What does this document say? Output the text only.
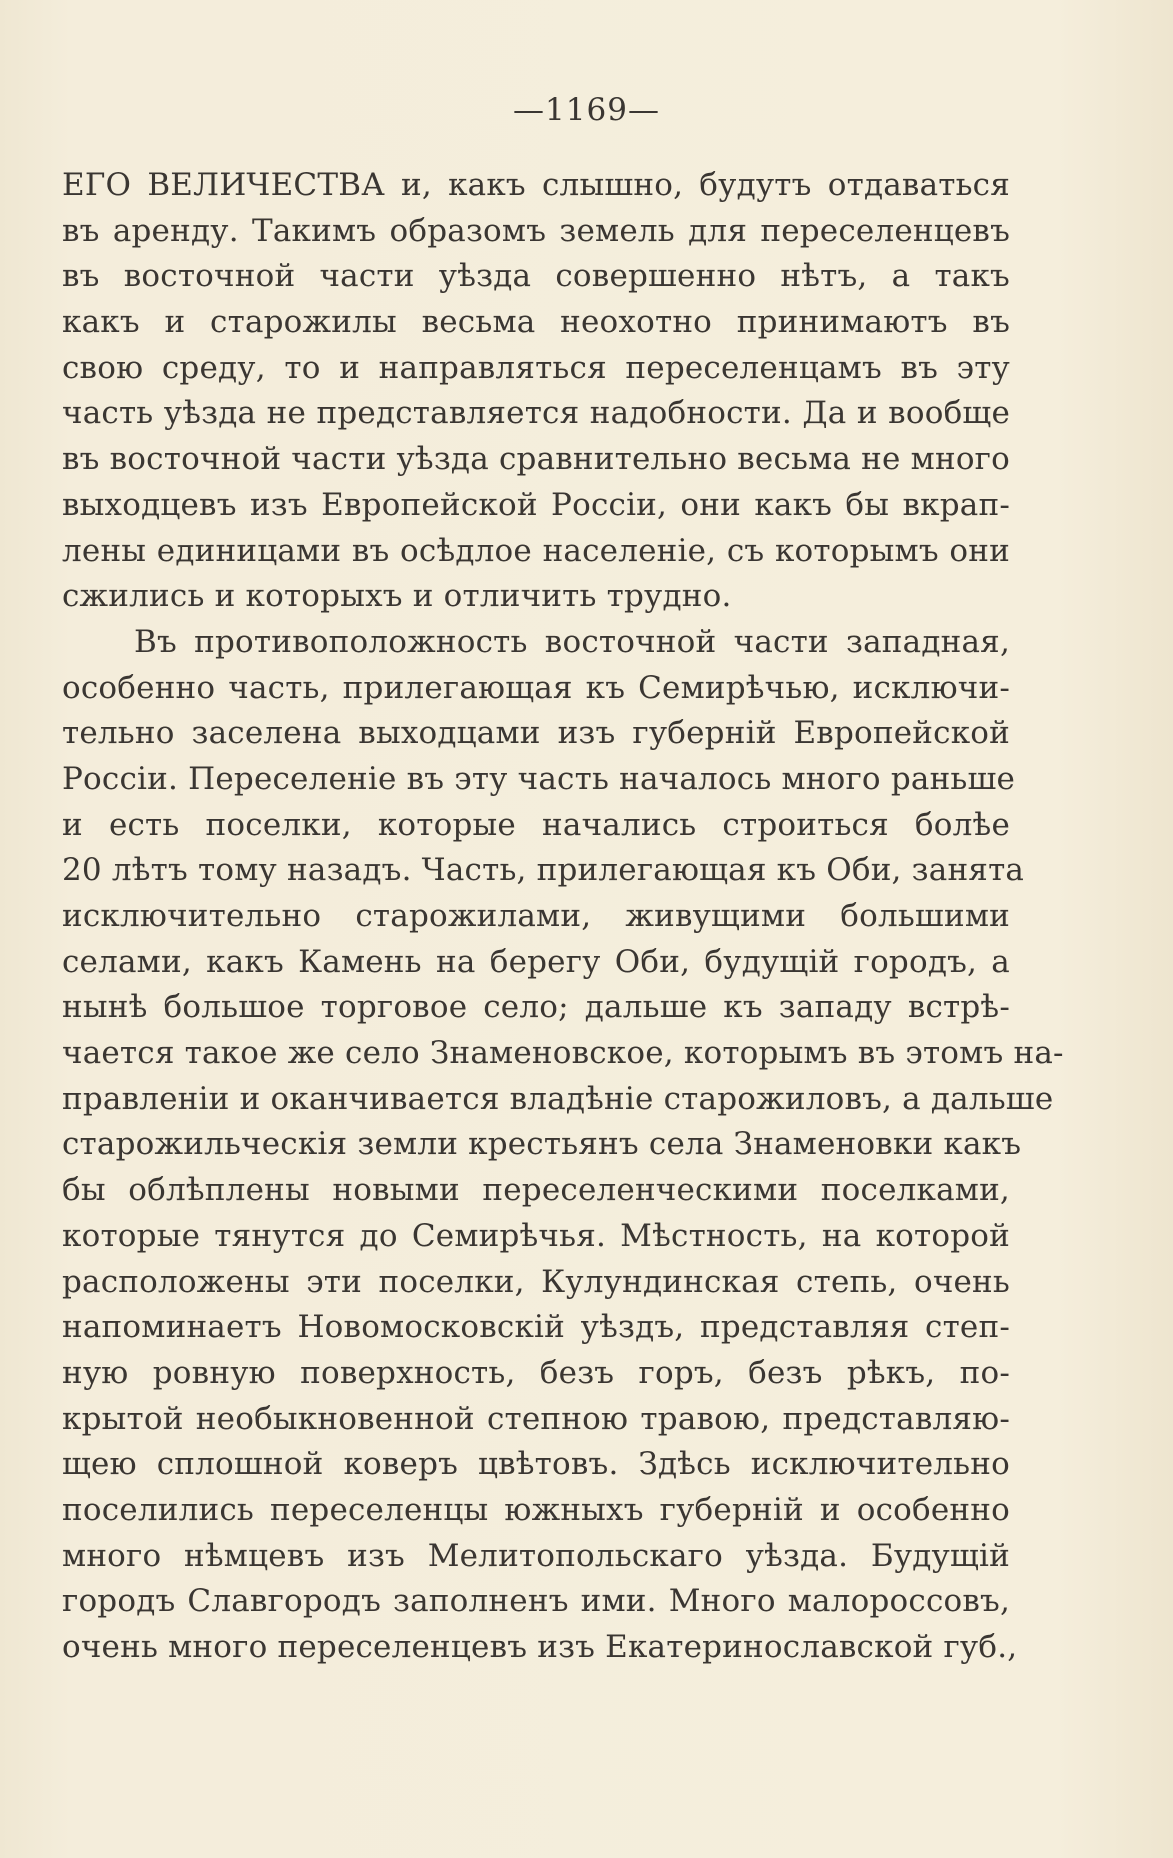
—1169—
ЕГО ВЕЛИЧЕСТВА и, какъ слышно, будутъ отдаваться
въ аренду. Такимъ образомъ земель для переселенцевъ
въ восточной части уѣзда совершенно нѣтъ, а такъ
какъ и старожилы весьма неохотно принимаютъ въ
свою среду, то и направляться переселенцамъ въ эту
часть уѣзда не представляется надобности. Да и вообще
въ восточной части уѣзда сравнительно весьма не много
выходцевъ изъ Европейской Россіи, они какъ бы вкрап-
лены единицами въ осѣдлое населеніе, съ которымъ они
сжились и которыхъ и отличить трудно.
Въ противоположность восточной части западная,
особенно часть, прилегающая къ Семирѣчью, исключи-
тельно заселена выходцами изъ губерній Европейской
Россіи. Переселеніе въ эту часть началось много раньше
и есть поселки, которые начались строиться болѣе
20 лѣтъ тому назадъ. Часть, прилегающая къ Оби, занята
исключительно старожилами, живущими большими
селами, какъ Камень на берегу Оби, будущій городъ, а
нынѣ большое торговое село; дальше къ западу встрѣ-
чается такое же село Знаменовское, которымъ въ этомъ на-
правленіи и оканчивается владѣніе старожиловъ, а дальше
старожильческія земли крестьянъ села Знаменовки какъ
бы облѣплены новыми переселенческими поселками,
которые тянутся до Семирѣчья. Мѣстность, на которой
расположены эти поселки, Кулундинская степь, очень
напоминаетъ Новомосковскій уѣздъ, представляя степ-
ную ровную поверхность, безъ горъ, безъ рѣкъ, по-
крытой необыкновенной степною травою, представляю-
щею сплошной коверъ цвѣтовъ. Здѣсь исключительно
поселились переселенцы южныхъ губерній и особенно
много нѣмцевъ изъ Мелитопольскаго уѣзда. Будущій
городъ Славгородъ заполненъ ими. Много малороссовъ,
очень много переселенцевъ изъ Екатеринославской губ.,
